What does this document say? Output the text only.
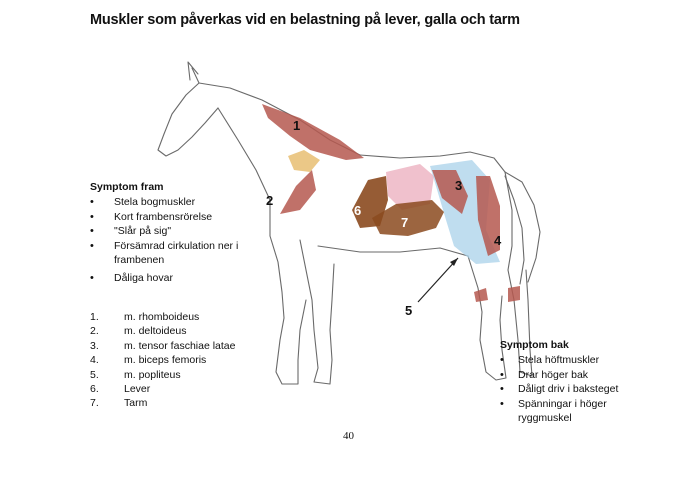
Muskler som påverkas vid en belastning på lever, galla och tarm
1
2
3
4
5
6
7
Symptom fram
• Stela bogmuskler
• Kort frambensrörelse
• "Slår på sig"
• Försämrad cirkulation ner i frambenen
• Dåliga hovar
1.	m. rhomboideus
2.	m. deltoideus
3.	m. tensor faschiae latae
4.	m. biceps femoris
5.	m. popliteus
6.	Lever
7.	Tarm
Symptom bak
• Stela höftmuskler
• Drar höger bak
• Dåligt driv i baksteget
• Spänningar i höger ryggmuskel
40
